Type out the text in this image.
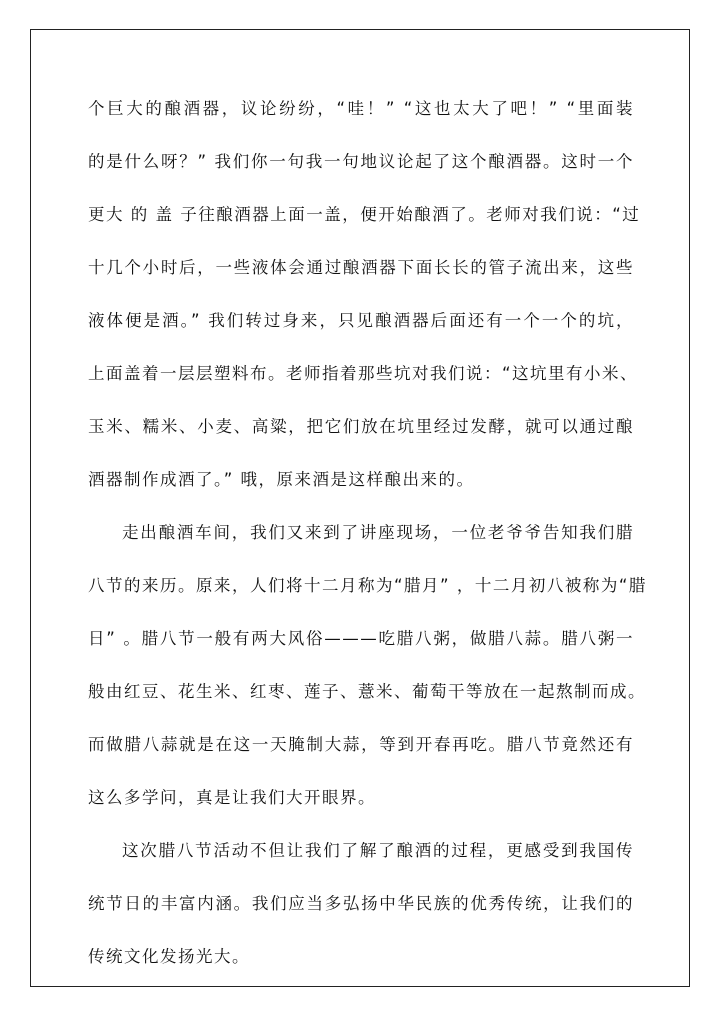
个巨大的酿酒器，议论纷纷，“哇！” “这也太大了吧！” “里面装
的是什么呀？” 我们你一句我一句地议论起了这个酿酒器。这时一个
更大 的 盖 子往酿酒器上面一盖，便开始酿酒了。老师对我们说：“过
十几个小时后，一些液体会通过酿酒器下面长长的管子流出来，这些
液体便是酒。” 我们转过身来，只见酿酒器后面还有一个一个的坑，
上面盖着一层层塑料布。老师指着那些坑对我们说：“这坑里有小米、
玉米、糯米、小麦、高粱，把它们放在坑里经过发酵，就可以通过酿
酒器制作成酒了。” 哦，原来酒是这样酿出来的。
走出酿酒车间，我们又来到了讲座现场，一位老爷爷告知我们腊
八节的来历。原来，人们将十二月称为“腊月” ，十二月初八被称为“腊
日” 。腊八节一般有两大风俗———吃腊八粥，做腊八蒜。腊八粥一
般由红豆、花生米、红枣、莲子、薏米、葡萄干等放在一起熬制而成。
而做腊八蒜就是在这一天腌制大蒜，等到开春再吃。腊八节竟然还有
这么多学问，真是让我们大开眼界。
这次腊八节活动不但让我们了解了酿酒的过程，更感受到我国传
统节日的丰富内涵。我们应当多弘扬中华民族的优秀传统，让我们的
传统文化发扬光大。
